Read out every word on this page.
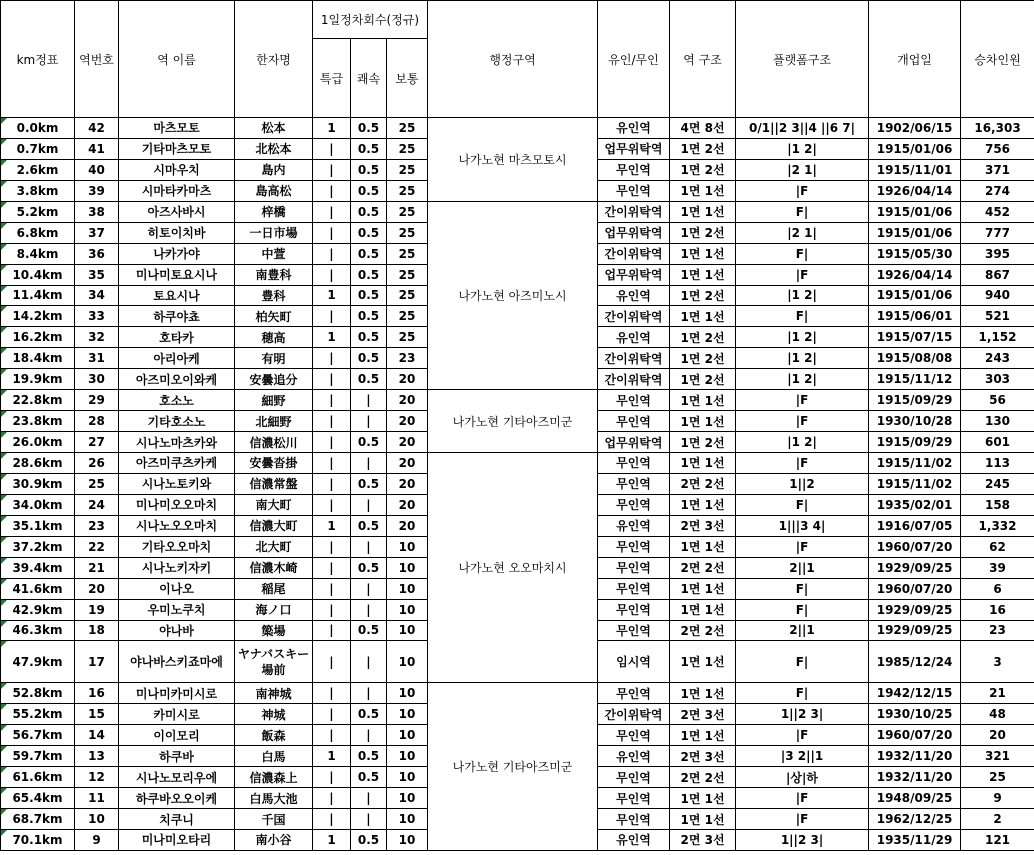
km정표	역번호	역 이름	한자명	1일정차회수(정규)			행정구역	유인/무인	역 구조	플랫폼구조	개업일	승차인원
				특급	쾌속	보통						
0.0km	42	마츠모토	松本	1	0.5	25	나가노현 마츠모토시	유인역	4면 8선	0/1||2 3||4 ||6 7|	1902/06/15	16,303
0.7km	41	기타마츠모토	北松本	|	0.5	25		업무위탁역	1면 2선	|1 2|	1915/01/06	756
2.6km	40	시마우치	島内	|	0.5	25		무인역	1면 2선	|2 1|	1915/11/01	371
3.8km	39	시마타카마츠	島高松	|	0.5	25		무인역	1면 1선	|F	1926/04/14	274
5.2km	38	아즈사바시	梓橋	|	0.5	25	나가노현 아즈미노시	간이위탁역	1면 1선	F|	1915/01/06	452
6.8km	37	히토이치바	一日市場	|	0.5	25		업무위탁역	1면 2선	|2 1|	1915/01/06	777
8.4km	36	나카가야	中萱	|	0.5	25		간이위탁역	1면 1선	F|	1915/05/30	395
10.4km	35	미나미토요시나	南豊科	|	0.5	25		업무위탁역	1면 1선	|F	1926/04/14	867
11.4km	34	토요시나	豊科	1	0.5	25		유인역	1면 2선	|1 2|	1915/01/06	940
14.2km	33	하쿠야쵸	柏矢町	|	0.5	25		간이위탁역	1면 1선	F|	1915/06/01	521
16.2km	32	호타카	穂高	1	0.5	25		유인역	1면 2선	|1 2|	1915/07/15	1,152
18.4km	31	아리아케	有明	|	0.5	23		간이위탁역	1면 2선	|1 2|	1915/08/08	243
19.9km	30	아즈미오이와케	安曇追分	|	0.5	20		간이위탁역	1면 2선	|1 2|	1915/11/12	303
22.8km	29	호소노	細野	|	|	20	나가노현 기타아즈미군	무인역	1면 1선	|F	1915/09/29	56
23.8km	28	기타호소노	北細野	|	|	20		무인역	1면 1선	|F	1930/10/28	130
26.0km	27	시나노마츠카와	信濃松川	|	0.5	20		업무위탁역	1면 2선	|1 2|	1915/09/29	601
28.6km	26	아즈미쿠츠카케	安曇沓掛	|	|	20	나가노현 오오마치시	무인역	1면 1선	|F	1915/11/02	113
30.9km	25	시나노토키와	信濃常盤	|	0.5	20		무인역	2면 2선	1||2	1915/11/02	245
34.0km	24	미나미오오마치	南大町	|	|	20		무인역	1면 1선	F|	1935/02/01	158
35.1km	23	시나노오오마치	信濃大町	1	0.5	20		유인역	2면 3선	1|||3 4|	1916/07/05	1,332
37.2km	22	기타오오마치	北大町	|	|	10		무인역	1면 1선	|F	1960/07/20	62
39.4km	21	시나노키자키	信濃木崎	|	0.5	10		무인역	2면 2선	2||1	1929/09/25	39
41.6km	20	이나오	稲尾	|	|	10		무인역	1면 1선	F|	1960/07/20	6
42.9km	19	우미노쿠치	海ノ口	|	|	10		무인역	1면 1선	F|	1929/09/25	16
46.3km	18	야나바	簗場	|	0.5	10		무인역	2면 2선	2||1	1929/09/25	23
47.9km	17	야나바스키죠마에	ヤナバスキー場前	|	|	10		임시역	1면 1선	F|	1985/12/24	3
52.8km	16	미나미카미시로	南神城	|	|	10	나가노현 기타아즈미군	무인역	1면 1선	F|	1942/12/15	21
55.2km	15	카미시로	神城	|	0.5	10		간이위탁역	2면 3선	1||2 3|	1930/10/25	48
56.7km	14	이이모리	飯森	|	|	10		무인역	1면 1선	|F	1960/07/20	20
59.7km	13	하쿠바	白馬	1	0.5	10		유인역	2면 3선	|3 2||1	1932/11/20	321
61.6km	12	시나노모리우에	信濃森上	|	0.5	10		무인역	2면 2선	|상|하	1932/11/20	25
65.4km	11	하쿠바오오이케	白馬大池	|	|	10		무인역	1면 1선	|F	1948/09/25	9
68.7km	10	치쿠니	千国	|	|	10		무인역	1면 1선	|F	1962/12/25	2
70.1km	9	미나미오타리	南小谷	1	0.5	10		유인역	2면 3선	1||2 3|	1935/11/29	121
